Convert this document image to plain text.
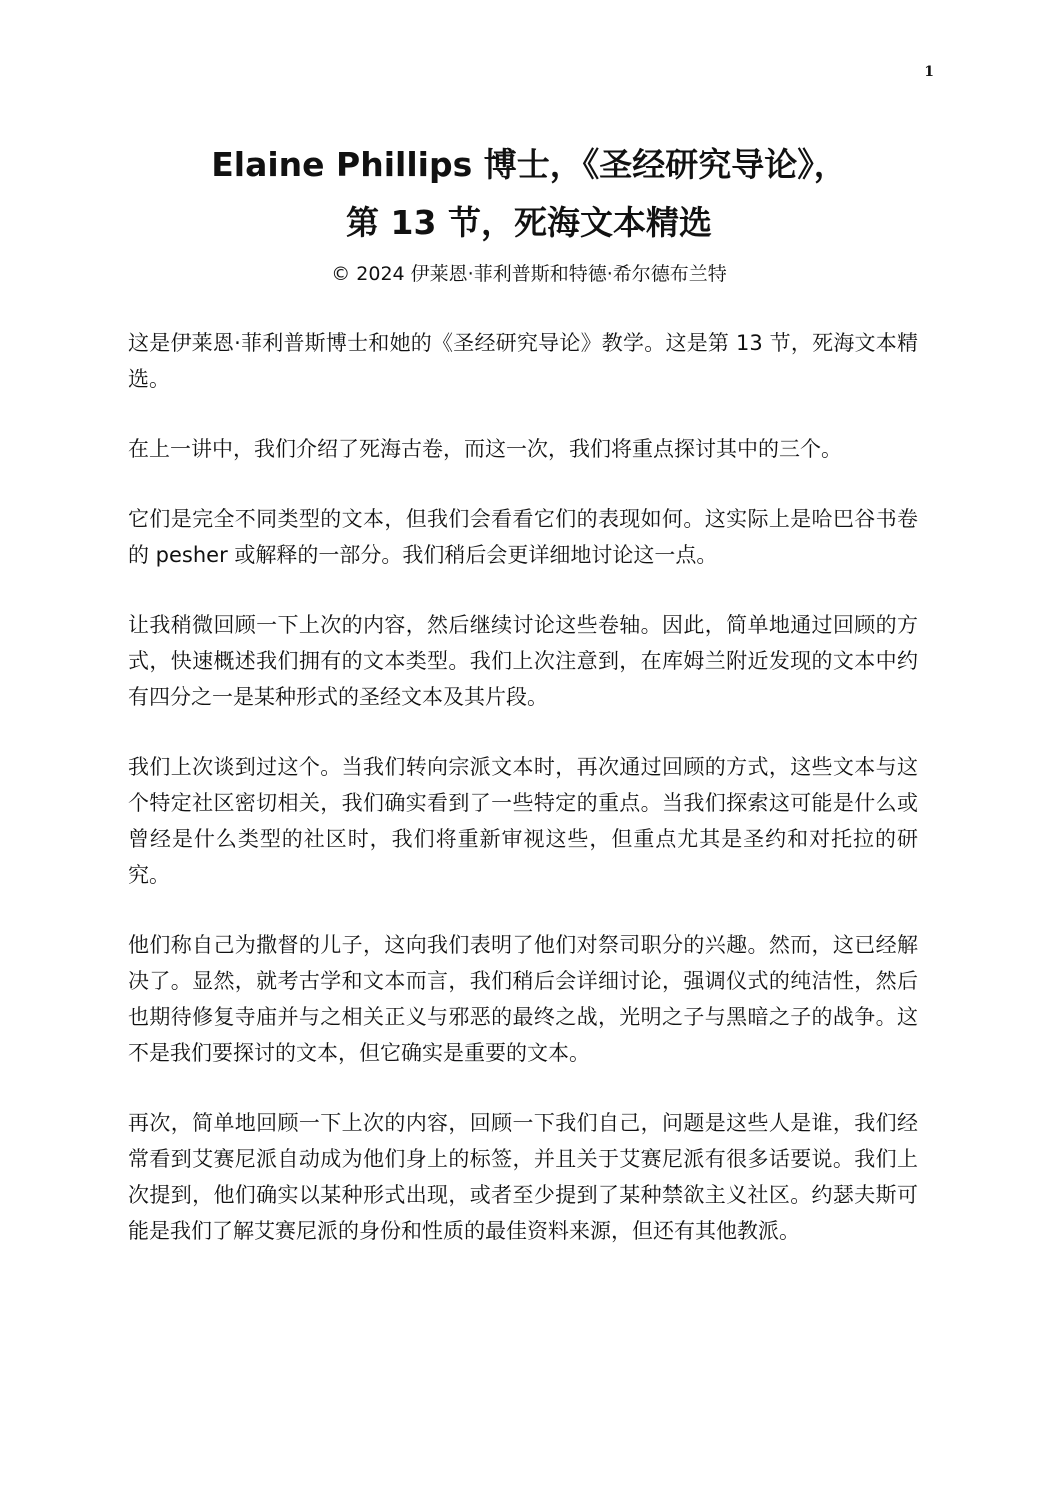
1
Elaine Phillips 博士，《圣经研究导论》，
第 13 节，死海文本精选
© 2024 伊莱恩·菲利普斯和特德·希尔德布兰特

这是伊莱恩·菲利普斯博士和她的《圣经研究导论》教学。这是第 13 节，死海文本精选。

在上一讲中，我们介绍了死海古卷，而这一次，我们将重点探讨其中的三个。

它们是完全不同类型的文本，但我们会看看它们的表现如何。这实际上是哈巴谷书卷的 pesher 或解释的一部分。我们稍后会更详细地讨论这一点。

让我稍微回顾一下上次的内容，然后继续讨论这些卷轴。因此，简单地通过回顾的方式，快速概述我们拥有的文本类型。我们上次注意到，在库姆兰附近发现的文本中约有四分之一是某种形式的圣经文本及其片段。

我们上次谈到过这个。当我们转向宗派文本时，再次通过回顾的方式，这些文本与这个特定社区密切相关，我们确实看到了一些特定的重点。当我们探索这可能是什么或曾经是什么类型的社区时，我们将重新审视这些，但重点尤其是圣约和对托拉的研究。

他们称自己为撒督的儿子，这向我们表明了他们对祭司职分的兴趣。然而，这已经解决了。显然，就考古学和文本而言，我们稍后会详细讨论，强调仪式的纯洁性，然后也期待修复寺庙并与之相关正义与邪恶的最终之战，光明之子与黑暗之子的战争。这不是我们要探讨的文本，但它确实是重要的文本。

再次，简单地回顾一下上次的内容，回顾一下我们自己，问题是这些人是谁，我们经常看到艾赛尼派自动成为他们身上的标签，并且关于艾赛尼派有很多话要说。我们上次提到，他们确实以某种形式出现，或者至少提到了某种禁欲主义社区。约瑟夫斯可能是我们了解艾赛尼派的身份和性质的最佳资料来源，但还有其他教派。
